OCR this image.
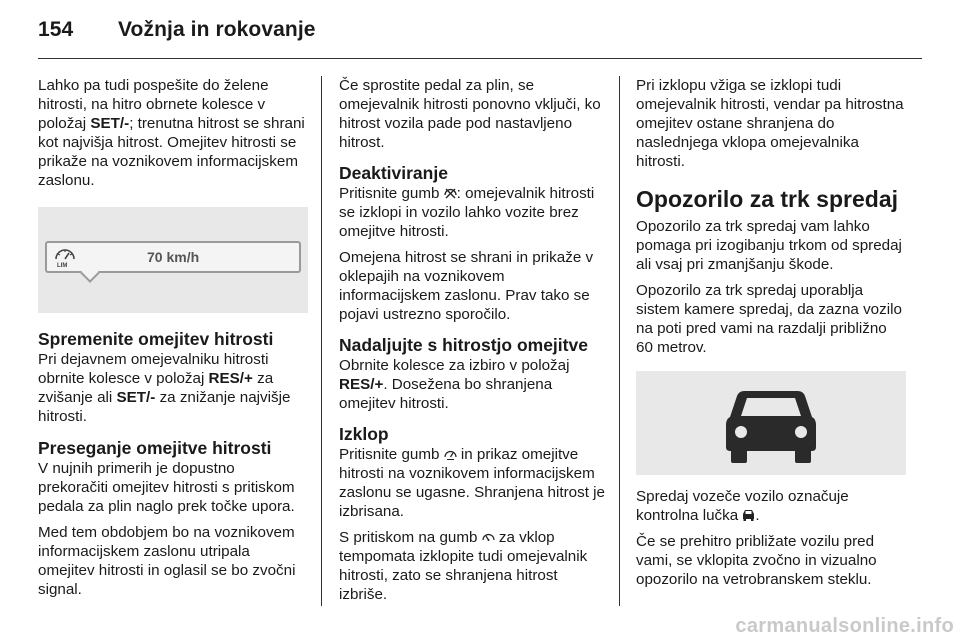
154 Vožnja in rokovanje

Lahko pa tudi pospešite do želene hitrosti, na hitro obrnete kolesce v položaj SET/-; trenutna hitrost se shrani kot najvišja hitrost. Omejitev hitrosti se prikaže na voznikovem informacijskem zaslonu.

LIM
70 km/h
Spremenite omejitev hitrosti

Pri dejavnem omejevalniku hitrosti obrnite kolesce v položaj RES/+ za zvišanje ali SET/- za znižanje najvišje hitrosti.

Preseganje omejitve hitrosti

V nujnih primerih je dopustno prekoračiti omejitev hitrosti s pritiskom pedala za plin naglo prek točke upora.

Med tem obdobjem bo na voznikovem informacijskem zaslonu utripala omejitev hitrosti in oglasil se bo zvočni signal.

Če sprostite pedal za plin, se omejevalnik hitrosti ponovno vključi, ko hitrost vozila pade pod nastavljeno hitrost.

Deaktiviranje

Pritisnite gumb : omejevalnik hitrosti se izklopi in vozilo lahko vozite brez omejitve hitrosti.

Omejena hitrost se shrani in prikaže v oklepajih na voznikovem informacijskem zaslonu. Prav tako se pojavi ustrezno sporočilo.

Nadaljujte s hitrostjo omejitve

Obrnite kolesce za izbiro v položaj RES/+. Dosežena bo shranjena omejitev hitrosti.

Izklop

Pritisnite gumb  in prikaz omejitve hitrosti na voznikovem informacijskem zaslonu se ugasne. Shranjena hitrost je izbrisana.

S pritiskom na gumb  za vklop tempomata izklopite tudi omejevalnik hitrosti, zato se shranjena hitrost izbriše.

Pri izklopu vžiga se izklopi tudi omejevalnik hitrosti, vendar pa hitrostna omejitev ostane shranjena do naslednjega vklopa omejevalnika hitrosti.

Opozorilo za trk spredaj

Opozorilo za trk spredaj vam lahko pomaga pri izogibanju trkom od spredaj ali vsaj pri zmanjšanju škode.

Opozorilo za trk spredaj uporablja sistem kamere spredaj, da zazna vozilo na poti pred vami na razdalji približno 60 metrov.

Spredaj vozeče vozilo označuje kontrolna lučka .

Če se prehitro približate vozilu pred vami, se vklopita zvočno in vizualno opozorilo na vetrobranskem steklu.

carmanualsonline.info
